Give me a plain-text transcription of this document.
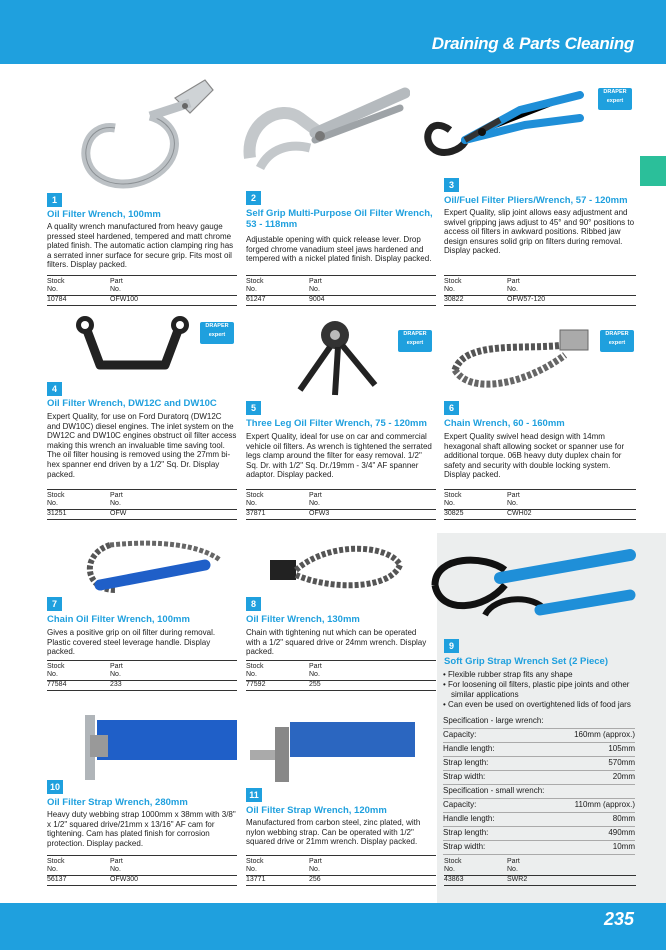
Draining & Parts Cleaning
DRAPER
expert
DRAPER
expert	DRAPER
expert
DRAPER
expert
1
Oil Filter Wrench, 100mm
A quality wrench manufactured from heavy gauge pressed steel hardened, tempered and matt chrome plated finish. The automatic action clamping ring has a serrated inner surface for secure grip. Fits most oil filters. Display packed.
Stock	Part
No.	No.
10784	OFW100
2
Self Grip Multi-Purpose Oil Filter Wrench, 53 - 118mm
Adjustable opening with quick release lever. Drop forged chrome vanadium steel jaws hardened and tempered with a nickel plated finish. Display packed.
Stock	Part
No.	No.
61247	9004
3
Oil/Fuel Filter Pliers/Wrench, 57 - 120mm
Expert Quality, slip joint allows easy adjustment and swivel gripping jaws adjust to 45° and 90° positions to access oil filters in awkward positions. Ribbed jaw design ensures solid grip on filters during removal. Display packed.
Stock	Part
No.	No.
30822	OFW57-120
4
Oil Filter Wrench, DW12C and DW10C
Expert Quality, for use on Ford Duratorq (DW12C and DW10C) diesel engines. The inlet system on the DW12C and DW10C engines obstruct oil filter access making this wrench an invaluable time saving tool. The oil filter housing is removed using the 27mm bi-hex spanner end driven by a 1/2" Sq. Dr. Display packed.
Stock	Part
No.	No.
31251	OFW
5
Three Leg Oil Filter Wrench, 75 - 120mm
Expert Quality, ideal for use on car and commercial vehicle oil filters. As wrench is tightened the serrated legs clamp around the filter for easy removal. 1/2" Sq. Dr. with 1/2" Sq. Dr./19mm - 3/4" AF spanner adaptor. Display packed.
Stock	Part
No.	No.
37871	OFW3
6
Chain Wrench, 60 - 160mm
Expert Quality swivel head design with 14mm hexagonal shaft allowing socket or spanner use for additional torque. 06B heavy duty duplex chain for safety and security with double locking system. Display packed.
Stock	Part
No.	No.
30825	CWH02
7
Chain Oil Filter Wrench, 100mm
Gives a positive grip on oil filter during removal. Plastic covered steel leverage handle. Display packed.
Stock	Part
No.	No.
77584	233
8
Oil Filter Wrench, 130mm
Chain with tightening nut which can be operated with a 1/2" squared drive or 24mm wrench. Display packed.
Stock	Part
No.	No.
77592	255
9
Soft Grip Strap Wrench Set (2 Piece)
• Flexible rubber strap fits any shape
• For loosening oil filters, plastic pipe joints and other similar applications
• Can even be used on overtightened lids of food jars
Specification - large wrench:
Capacity:	160mm (approx.)
Handle length:	105mm
Strap length:	570mm
Strap width:	20mm
Specification - small wrench:
Capacity:	110mm (approx.)
Handle length:	80mm
Strap length:	490mm
Strap width:	10mm
Stock	Part
No.	No.
43863	SWR2
10
Oil Filter Strap Wrench, 280mm
Heavy duty webbing strap 1000mm x 38mm with 3/8" x 1/2" squared drive/21mm x 13/16" AF cam for tightening. Cam has plated finish for corrosion protection. Display packed.
Stock	Part
No.	No.
56137	OFW300
11
Oil Filter Strap Wrench, 120mm
Manufactured from carbon steel, zinc plated, with nylon webbing strap. Can be operated with 1/2" squared drive or 21mm wrench. Display packed.
Stock	Part
No.	No.
13771	256
235
